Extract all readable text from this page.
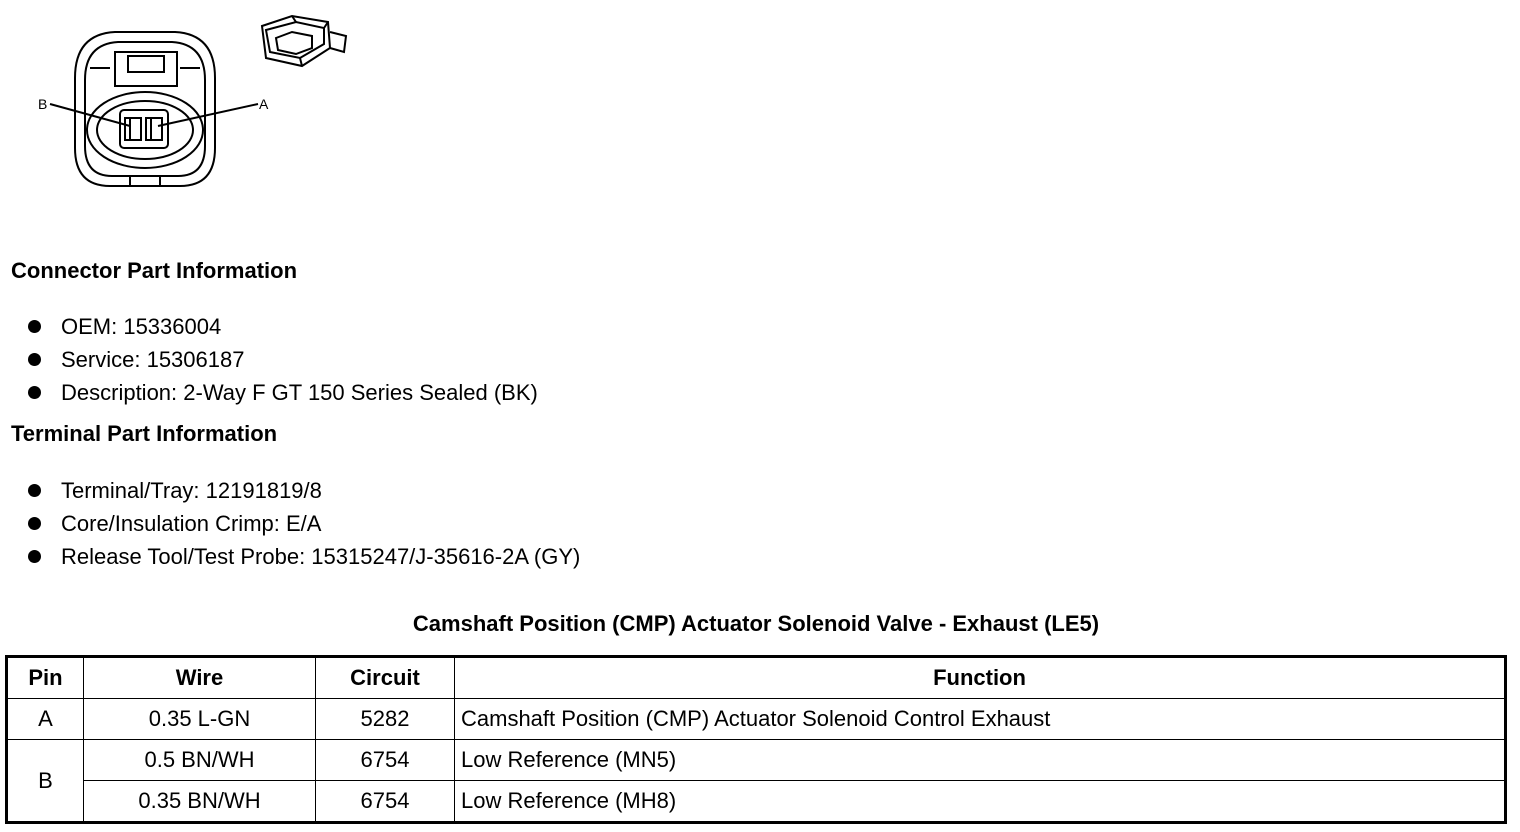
B	A
Connector Part Information
OEM: 15336004
Service: 15306187
Description: 2-Way F GT 150 Series Sealed (BK)
Terminal Part Information
Terminal/Tray: 12191819/8
Core/Insulation Crimp: E/A
Release Tool/Test Probe: 15315247/J-35616-2A (GY)
Camshaft Position (CMP) Actuator Solenoid Valve - Exhaust (LE5)
Pin	Wire	Circuit	Function
A	0.35 L-GN	5282	Camshaft Position (CMP) Actuator Solenoid Control Exhaust
B	0.5 BN/WH	6754	Low Reference (MN5)
	0.35 BN/WH	6754	Low Reference (MH8)
